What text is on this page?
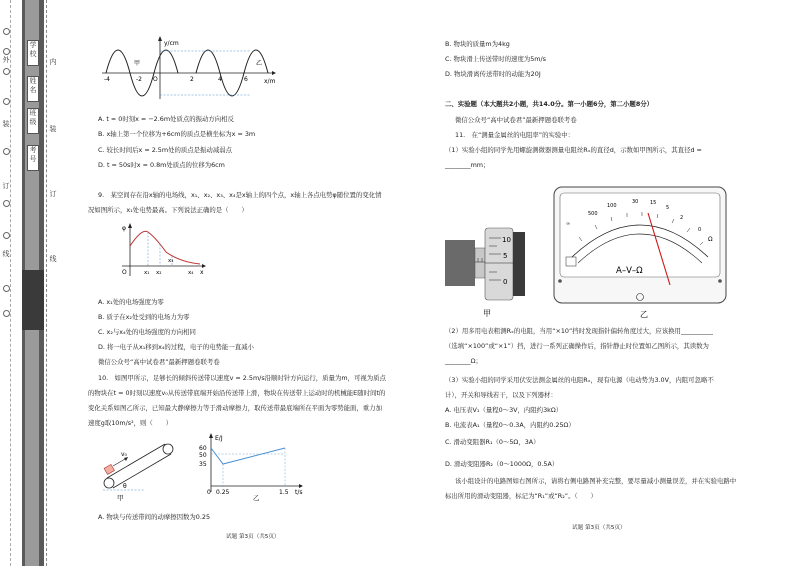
外
装
订
线
内
装
订
线
学校
姓名
班级
考号
y/cm
x/m
甲	乙
-4	-2 O	2	4	6
A. t = 0时刻x = −2.6m处质点的振动方向相反
B. x轴上第一个位移为+6cm的质点是横坐标为x = 3m
C. 较长时间后x = 2.5m处的质点是振动减弱点
D. t = 50s时x = 0.8m处质点的位移为6cm
9.　某空间存在沿x轴的电场线，x₁、x₂、x₃、x₄是x轴上的四个点，x轴上各点电势φ随位置的变化情
况如图所示，x₁处电势最高。下列说法正确的是（　　）
φ
x
O	x₁ x₂
x₃
x₄
A. x₁处的电场强度为零
B. 质子在x₂处受到的电场力为零
C. x₂与x₄处的电场强度的方向相同
D. 将一电子从x₁移到x₄的过程，电子的电势能一直减小
微信公众号“高中试卷君”最新押题卷联考卷
10.　如图甲所示，足够长的倾斜传送带以速度v = 2.5m/s沿顺时针方向运行，质量为m，可视为质点
的物块在t = 0时刻以速度v₀从传送带底端开始沿传送带上滑，物块在传送带上运动时的机械能E随时间t的
变化关系如图乙所示，已知最大静摩擦力等于滑动摩擦力，取传送带最底端所在平面为零势能面，重力加
速度g取10m/s²，则（　　）
v₀
θ
甲
E/J
t/s
60
50
35
0 0.25	1.5
乙
A. 物块与传送带间的动摩擦因数为0.25
试题 第3页（共5页）
B. 物块的质量m为4kg
C. 物块滑上传送带时的速度为5m/s
D. 物块滑离传送带时的动能为20J
二、实验题（本大题共2小题，共14.0分。第一小题6分，第二小题8分）
微信公众号“高中试卷君”最新押题卷联考卷
11.　在“测量金属丝的电阻率”的实验中：
（1）实验小组的同学先用螺旋测微器测量电阻丝Rₓ的直径d，示数如甲图所示，其直径d =
________mm；
10
5
0
甲
∞
500
100
30 15
5
2
0
Ω
A–V–Ω
乙
（2）用多用电表粗测Rₓ的电阻，当用“×10”挡时发现指针偏转角度过大，应该换用__________
（选填“×100”或“×1”）挡，进行一系列正确操作后，指针静止时位置如乙图所示，其读数为
________Ω；
（3）实验小组的同学采用伏安法测金属丝的电阻Rₓ，现有电源（电动势为3.0V，内阻可忽略不
计），开关和导线若干，以及下列器材：
A. 电压表V₁（量程0～3V，内阻约3kΩ）
B. 电流表A₁（量程0～0.3A，内阻约0.25Ω）
C. 滑动变阻器R₁（0～5Ω，3A）
D. 滑动变阻器R₂（0～1000Ω，0.5A）
该小组设计的电路图如右图所示，请将右侧电路图补充完整，要尽量减小测量误差，并在实验电路中
标出所用的滑动变阻器，标记为“R₁”或“R₂”。（　　）
试题 第3页（共5页）
